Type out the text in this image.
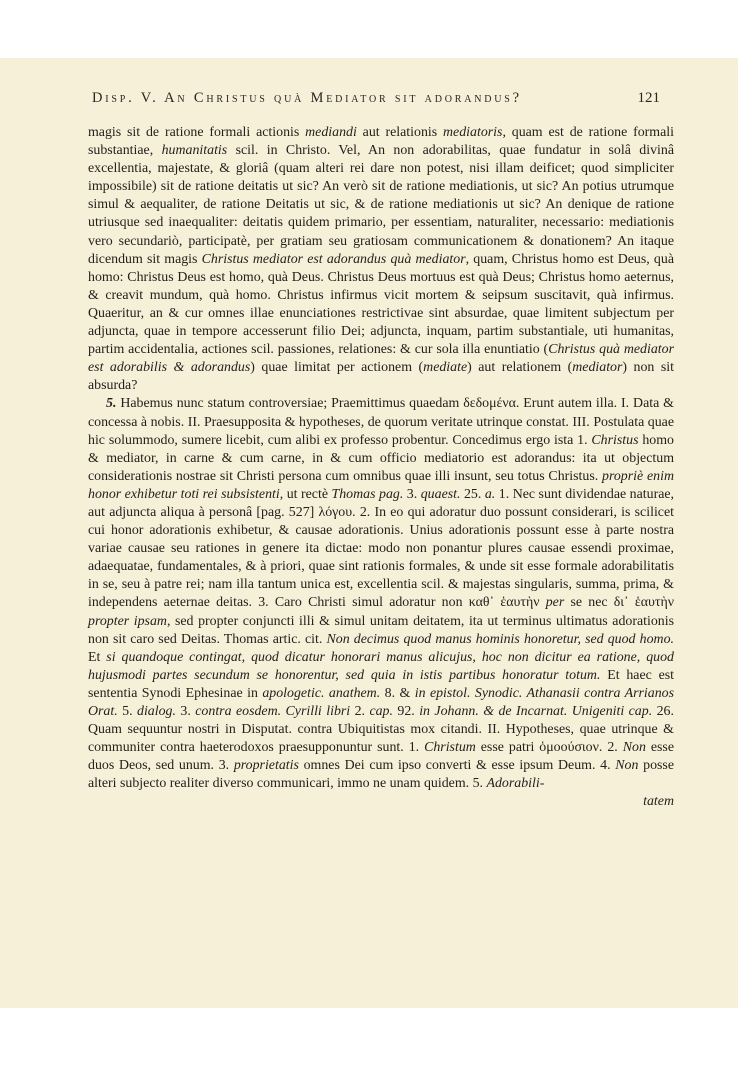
Disp. V. An Christus quà Mediator sit adorandus?	121

magis sit de ratione formali actionis mediandi aut relationis mediatoris, quam est de ratione formali substantiae, humanitatis scil. in Christo. Vel, An non adorabilitas, quae fundatur in solâ divinâ excellentia, majestate, & gloriâ (quam alteri rei dare non potest, nisi illam deificet; quod simpliciter impossibile) sit de ratione deitatis ut sic? An verò sit de ratione mediationis, ut sic? An potius utrumque simul & aequaliter, de ratione Deitatis ut sic, & de ratione mediationis ut sic? An denique de ratione utriusque sed inaequaliter: deitatis quidem primario, per essentiam, naturaliter, necessario: mediationis vero secundariò, participatè, per gratiam seu gratiosam communicationem & donationem? An itaque dicendum sit magis Christus mediator est adorandus quà mediator, quam, Christus homo est Deus, quà homo: Christus Deus est homo, quà Deus. Christus Deus mortuus est quà Deus; Christus homo aeternus, & creavit mundum, quà homo. Christus infirmus vicit mortem & seipsum suscitavit, quà infirmus. Quaeritur, an & cur omnes illae enunciationes restrictivae sint absurdae, quae limitent subjectum per adjuncta, quae in tempore accesserunt filio Dei; adjuncta, inquam, partim substantiale, uti humanitas, partim accidentalia, actiones scil. passiones, relationes: & cur sola illa enuntiatio (Christus quà mediator est adorabilis & adorandus) quae limitat per actionem (mediate) aut relationem (mediator) non sit absurda?

5. Habemus nunc statum controversiae; Praemittimus quaedam δεδομένα. Erunt autem illa. I. Data & concessa à nobis. II. Praesupposita & hypotheses, de quorum veritate utrinque constat. III. Postulata quae hic solummodo, sumere licebit, cum alibi ex professo probentur. Concedimus ergo ista 1. Christus homo & mediator, in carne & cum carne, in & cum officio mediatorio est adorandus: ita ut objectum considerationis nostrae sit Christi persona cum omnibus quae illi insunt, seu totus Christus. propriè enim honor exhibetur toti rei subsistenti, ut rectè Thomas pag. 3. quaest. 25. a. 1. Nec sunt dividendae naturae, aut adjuncta aliqua à personâ [pag. 527] λόγου. 2. In eo qui adoratur duo possunt considerari, is scilicet cui honor adorationis exhibetur, & causae adorationis. Unius adorationis possunt esse à parte nostra variae causae seu rationes in genere ita dictae: modo non ponantur plures causae essendi proximae, adaequatae, fundamentales, & à priori, quae sint rationis formales, & unde sit esse formale adorabilitatis in se, seu à patre rei; nam illa tantum unica est, excellentia scil. & majestas singularis, summa, prima, & independens aeternae deitas. 3. Caro Christi simul adoratur non καθ᾽ ἑαυτὴν per se nec δι᾽ ἑαυτὴν propter ipsam, sed propter conjuncti illi & simul unitam deitatem, ita ut terminus ultimatus adorationis non sit caro sed Deitas. Thomas artic. cit. Non decimus quod manus hominis honoretur, sed quod homo. Et si quandoque contingat, quod dicatur honorari manus alicujus, hoc non dicitur ea ratione, quod hujusmodi partes secundum se honorentur, sed quia in istis partibus honoratur totum. Et haec est sententia Synodi Ephesinae in apologetic. anathem. 8. & in epistol. Synodic. Athanasii contra Arrianos Orat. 5. dialog. 3. contra eosdem. Cyrilli libri 2. cap. 92. in Johann. & de Incarnat. Unigeniti cap. 26. Quam sequuntur nostri in Disputat. contra Ubiquitistas mox citandi. II. Hypotheses, quae utrinque & communiter contra haeterodoxos praesupponuntur sunt. 1. Christum esse patri ὁμοούσιον. 2. Non esse duos Deos, sed unum. 3. proprietatis omnes Dei cum ipso converti & esse ipsum Deum. 4. Non posse alteri subjecto realiter diverso communicari, immo ne unam quidem. 5. Adorabili-

tatem
